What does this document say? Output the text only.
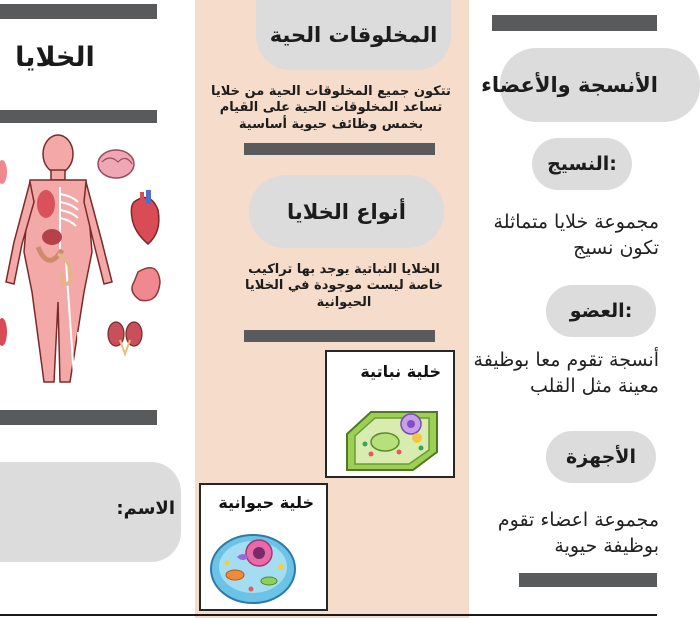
الخلايا
الاسم:
المخلوقات الحية
تتكون جميع المخلوقات الحية من خلايا
تساعد المخلوقات الحية على القيام
بخمس وظائف حيوية أساسية
أنواع الخلايا
الخلايا النباتية يوجد بها تراكيب
خاصة ليست موجودة في الخلايا
الحيوانية
خلية نباتية
خلية حيوانية
الأنسجة والأعضاء
النسيج:
مجموعة خلايا متماثلة
تكون نسيج
العضو:
أنسجة تقوم معا بوظيفة
معينة مثل القلب
الأجهزة
مجموعة اعضاء تقوم
بوظيفة حيوية
